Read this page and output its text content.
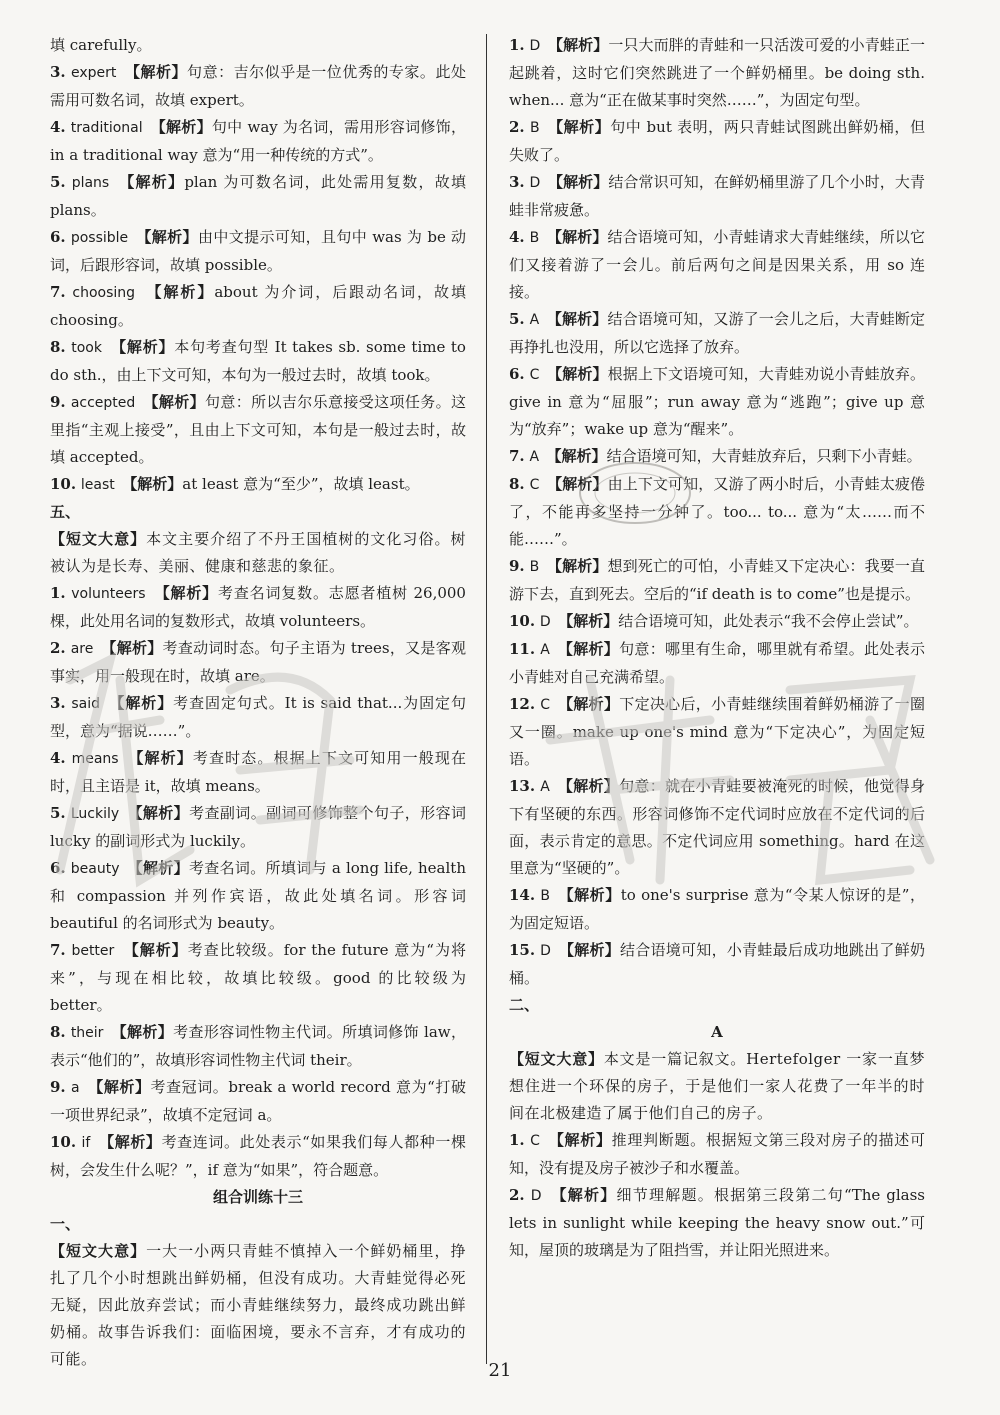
填 carefully。

3. expert　 【解析】句意：吉尔似乎是一位优秀的专家。此处需用可数名词，故填 expert。

4. traditional　 【解析】句中 way 为名词，需用形容词修饰，in a traditional way 意为“用一种传统的方式”。

5. plans　 【解析】plan 为可数名词，此处需用复数，故填 plans。

6. possible　 【解析】由中文提示可知，且句中 was 为 be 动词，后跟形容词，故填 possible。

7. choosing　 【解析】about 为介词，后跟动名词，故填 choosing。

8. took　 【解析】本句考查句型 It takes sb. some time to do sth.，由上下文可知，本句为一般过去时，故填 took。

9. accepted　 【解析】句意：所以吉尔乐意接受这项任务。这里指“主观上接受”，且由上下文可知，本句是一般过去时，故填 accepted。

10. least　 【解析】at least 意为“至少”，故填 least。

五、

【短文大意】本文主要介绍了不丹王国植树的文化习俗。树被认为是长寿、美丽、健康和慈悲的象征。

1. volunteers　 【解析】考查名词复数。志愿者植树 26,000 棵，此处用名词的复数形式，故填 volunteers。

2. are　 【解析】考查动词时态。句子主语为 trees，又是客观事实，用一般现在时，故填 are。

3. said　 【解析】考查固定句式。It is said that...为固定句型，意为“据说……”。

4. means　 【解析】考查时态。根据上下文可知用一般现在时，且主语是 it，故填 means。

5. Luckily　 【解析】考查副词。副词可修饰整个句子，形容词 lucky 的副词形式为 luckily。

6. beauty　 【解析】考查名词。所填词与 a long life, health 和 compassion 并列作宾语，故此处填名词。形容词 beautiful 的名词形式为 beauty。

7. better　 【解析】考查比较级。for the future 意为“为将来”，与现在相比较，故填比较级。good 的比较级为 better。

8. their　 【解析】考查形容词性物主代词。所填词修饰 law，表示“他们的”，故填形容词性物主代词 their。

9. a　 【解析】考查冠词。break a world record 意为“打破一项世界纪录”，故填不定冠词 a。

10. if　 【解析】考查连词。此处表示“如果我们每人都种一棵树，会发生什么呢？”，if 意为“如果”，符合题意。

组合训练十三

一、

【短文大意】一大一小两只青蛙不慎掉入一个鲜奶桶里，挣扎了几个小时想跳出鲜奶桶，但没有成功。大青蛙觉得必死无疑，因此放弃尝试；而小青蛙继续努力，最终成功跳出鲜奶桶。故事告诉我们：面临困境，要永不言弃，才有成功的可能。

1. D　 【解析】一只大而胖的青蛙和一只活泼可爱的小青蛙正一起跳着，这时它们突然跳进了一个鲜奶桶里。be doing sth. when... 意为“正在做某事时突然……”，为固定句型。

2. B　 【解析】句中 but 表明，两只青蛙试图跳出鲜奶桶，但失败了。

3. D　 【解析】结合常识可知，在鲜奶桶里游了几个小时，大青蛙非常疲惫。

4. B　 【解析】结合语境可知，小青蛙请求大青蛙继续，所以它们又接着游了一会儿。前后两句之间是因果关系，用 so 连接。

5. A　 【解析】结合语境可知，又游了一会儿之后，大青蛙断定再挣扎也没用，所以它选择了放弃。

6. C　 【解析】根据上下文语境可知，大青蛙劝说小青蛙放弃。give in 意为“屈服”；run away 意为“逃跑”；give up 意为“放弃”；wake up 意为“醒来”。

7. A　 【解析】结合语境可知，大青蛙放弃后，只剩下小青蛙。

8. C　 【解析】由上下文可知，又游了两小时后，小青蛙太疲倦了，不能再多坚持一分钟了。too... to... 意为“太……而不能……”。

9. B　 【解析】想到死亡的可怕，小青蛙又下定决心：我要一直游下去，直到死去。空后的“if death is to come”也是提示。

10. D　 【解析】结合语境可知，此处表示“我不会停止尝试”。

11. A　 【解析】句意：哪里有生命，哪里就有希望。此处表示小青蛙对自己充满希望。

12. C　 【解析】下定决心后，小青蛙继续围着鲜奶桶游了一圈又一圈。make up one's mind 意为“下定决心”，为固定短语。

13. A　 【解析】句意：就在小青蛙要被淹死的时候，他觉得身下有坚硬的东西。形容词修饰不定代词时应放在不定代词的后面，表示肯定的意思。不定代词应用 something。hard 在这里意为“坚硬的”。

14. B　 【解析】to one's surprise 意为“令某人惊讶的是”，为固定短语。

15. D　 【解析】结合语境可知，小青蛙最后成功地跳出了鲜奶桶。

二、

A

【短文大意】本文是一篇记叙文。Hertefolger 一家一直梦想住进一个环保的房子，于是他们一家人花费了一年半的时间在北极建造了属于他们自己的房子。

1. C　 【解析】推理判断题。根据短文第三段对房子的描述可知，没有提及房子被沙子和水覆盖。

2. D　 【解析】细节理解题。根据第三段第二句“The glass lets in sunlight while keeping the heavy snow out.”可知，屋顶的玻璃是为了阻挡雪，并让阳光照进来。

21
